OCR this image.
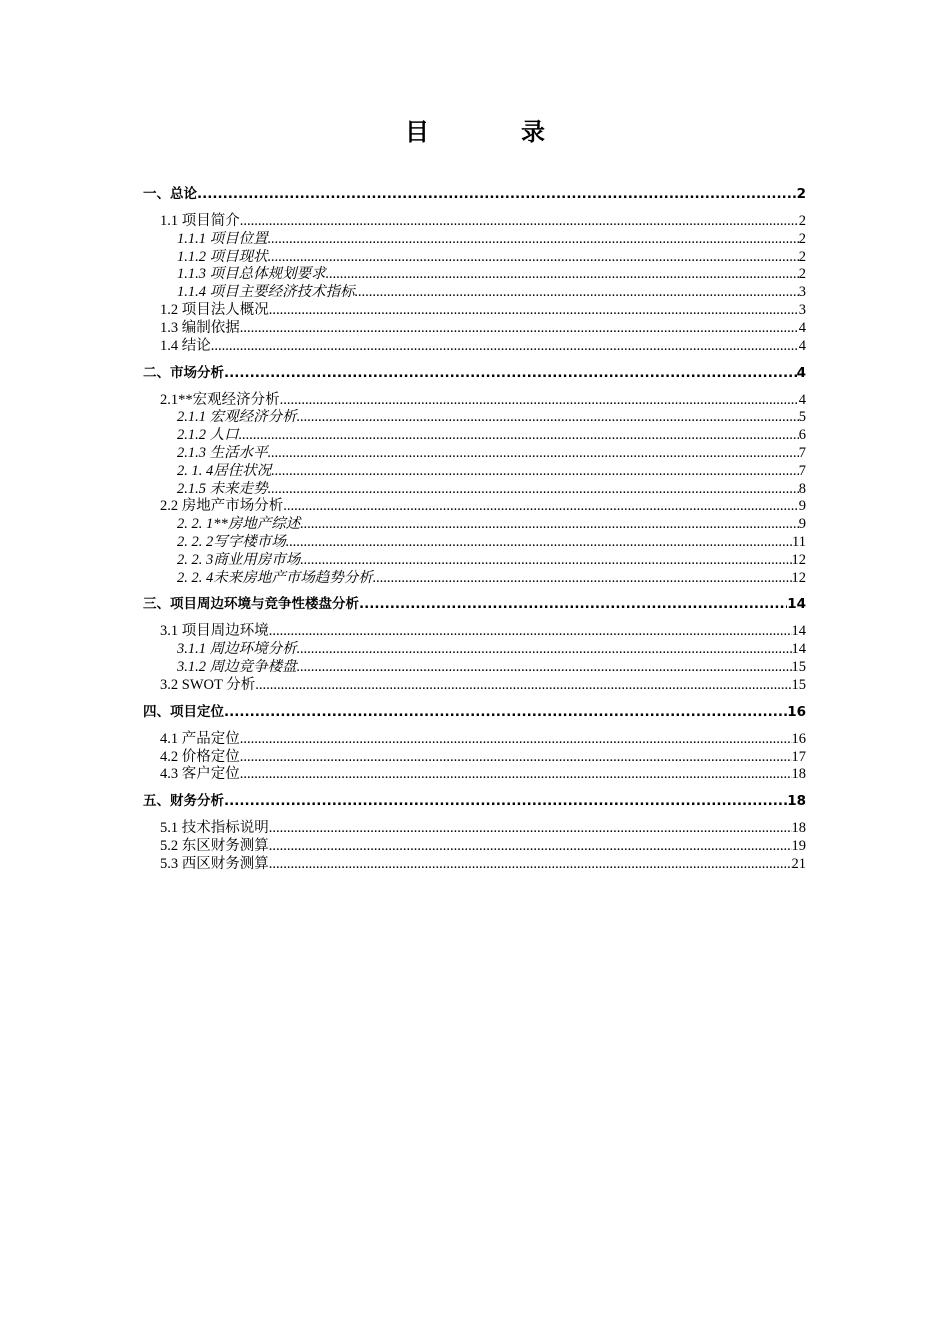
目　录
一、总论 .....	2
1.1 项目简介 .....	2
1.1.1 项目位置 .....	2
1.1.2 项目现状 .....	2
1.1.3 项目总体规划要求 .....	2
1.1.4 项目主要经济技术指标 .....	3
1.2 项目法人概况 .....	3
1.3 编制依据 .....	4
1.4 结论 .....	4
二、市场分析 .....	4
2.1**宏观经济分析 .....	4
2.1.1 宏观经济分析 .....	5
2.1.2 人口 .....	6
2.1.3 生活水平 .....	7
2. 1. 4居住状况 .....	7
2.1.5 未来走势 .....	8
2.2 房地产市场分析 .....	9
2. 2. 1**房地产综述 .....	9
2. 2. 2写字楼市场 .....	11
2. 2. 3商业用房市场 .....	12
2. 2. 4未来房地产市场趋势分析 .....	12
三、项目周边环境与竞争性楼盘分析 .....	14
3.1 项目周边环境 .....	14
3.1.1 周边环境分析 .....	14
3.1.2 周边竞争楼盘 .....	15
3.2 SWOT 分析 .....	15
四、项目定位 .....	16
4.1 产品定位 .....	16
4.2 价格定位 .....	17
4.3 客户定位 .....	18
五、财务分析 .....	18
5.1 技术指标说明 .....	18
5.2 东区财务测算 .....	19
5.3 西区财务测算 .....	21
